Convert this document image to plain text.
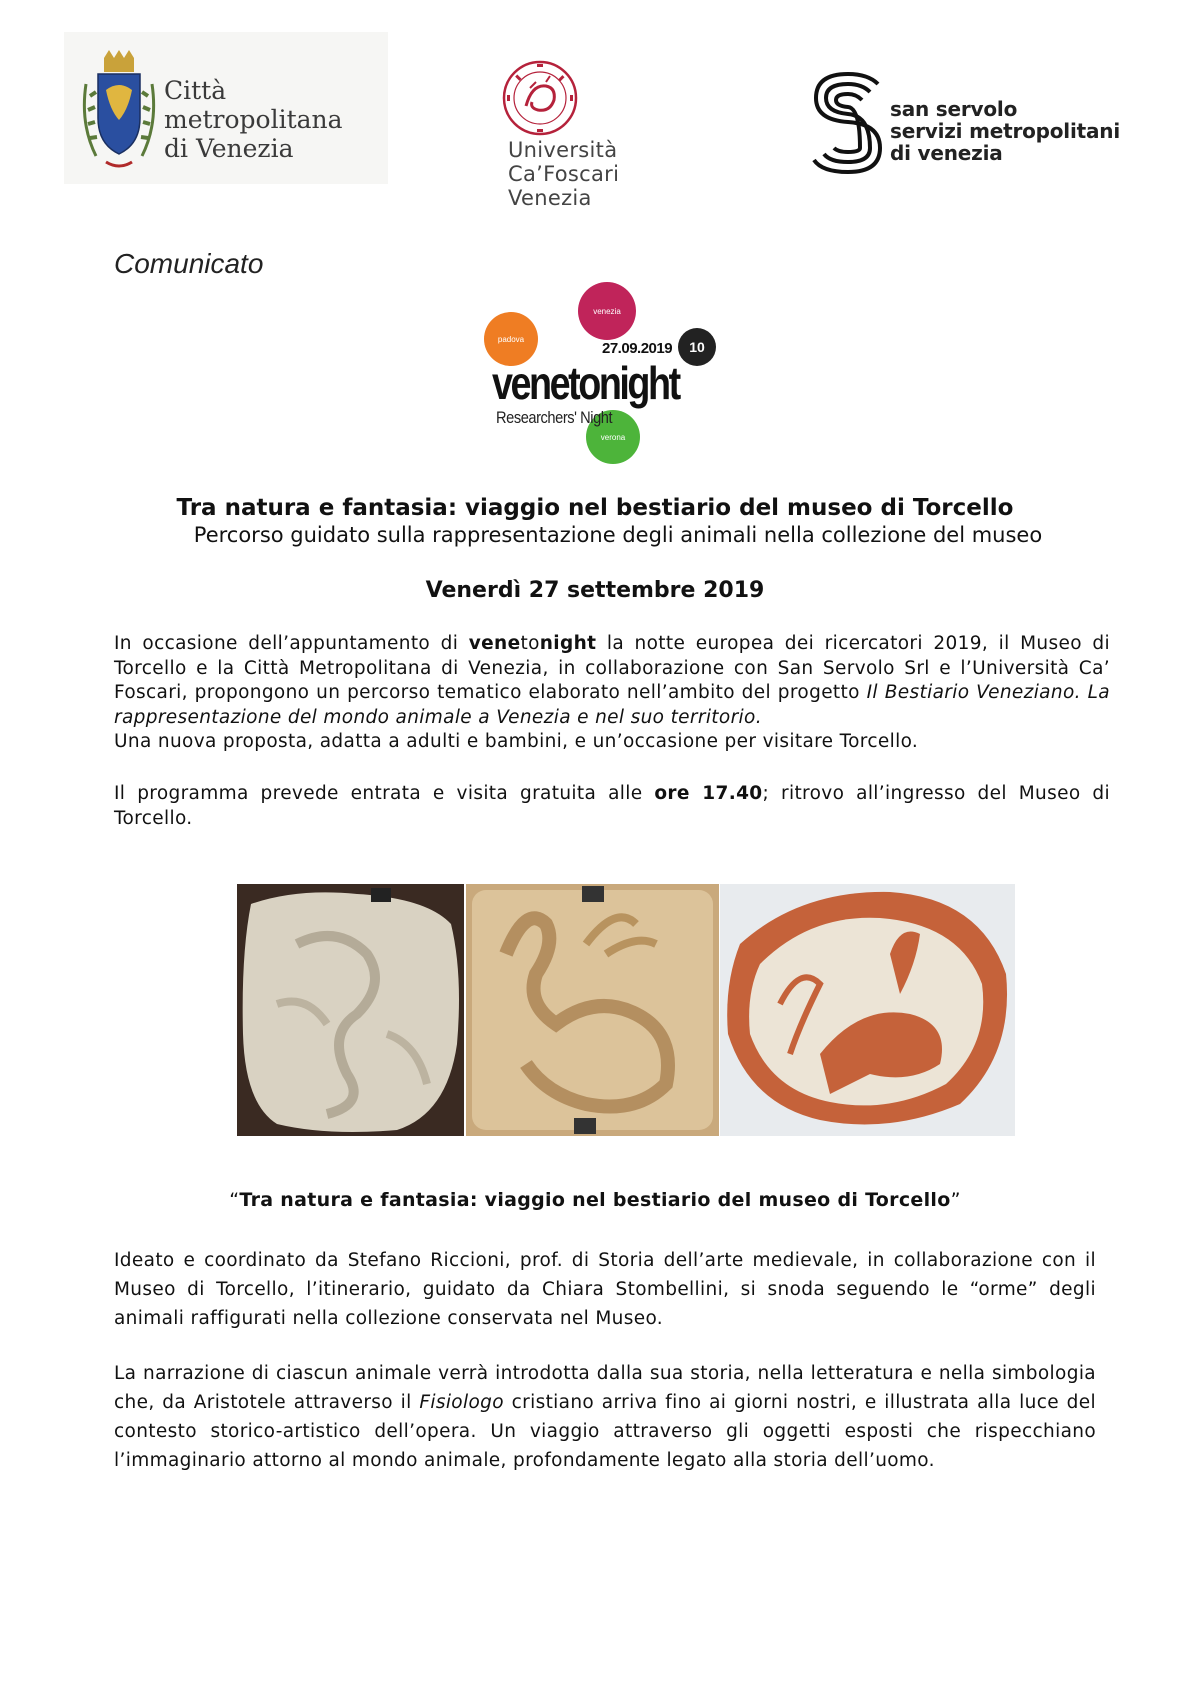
Città metropolitana
di Venezia	Università
Ca’Foscari
Venezia
san servolo
servizi metropolitani
di venezia
Comunicato
venezia
padova
verona
10
27.09.2019
venetonight
Researchers' Night
Tra natura e fantasia: viaggio nel bestiario del museo di Torcello
Percorso guidato sulla rappresentazione degli animali nella collezione del museo
Venerdì 27 settembre 2019
In occasione dell’appuntamento di venetonight la notte europea dei ricercatori 2019, il Museo di Torcello e la Città Metropolitana di Venezia, in collaborazione con San Servolo Srl e l’Università Ca’ Foscari, propongono un percorso tematico elaborato nell’ambito del progetto Il Bestiario Veneziano. La rappresentazione del mondo animale a Venezia e nel suo territorio.
Una nuova proposta, adatta a adulti e bambini, e un’occasione per visitare Torcello.
Il programma prevede entrata e visita gratuita alle ore 17.40; ritrovo all’ingresso del Museo di Torcello.
“Tra natura e fantasia: viaggio nel bestiario del museo di Torcello”
Ideato e coordinato da Stefano Riccioni, prof. di Storia dell’arte medievale, in collaborazione con il Museo di Torcello, l’itinerario, guidato da Chiara Stombellini, si snoda seguendo le “orme” degli animali raffigurati nella collezione conservata nel Museo.
La narrazione di ciascun animale verrà introdotta dalla sua storia, nella letteratura e nella simbologia che, da Aristotele attraverso il Fisiologo cristiano arriva fino ai giorni nostri, e illustrata alla luce del contesto storico-artistico dell’opera. Un viaggio attraverso gli oggetti esposti che rispecchiano l’immaginario attorno al mondo animale, profondamente legato alla storia dell’uomo.
